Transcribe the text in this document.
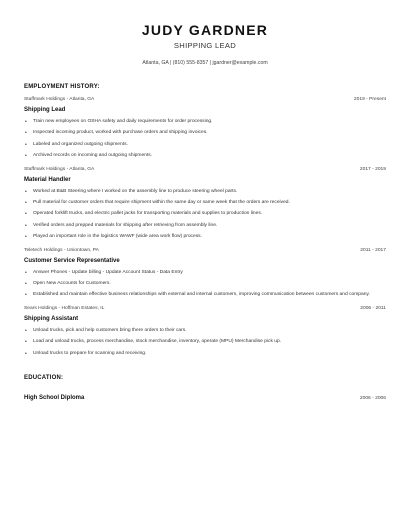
JUDY GARDNER
SHIPPING LEAD
Atlanta, GA | (810) 555-8357 | jgardner@example.com
EMPLOYMENT HISTORY:
Staffmark Holdings - Atlanta, GA	2019 - Present
Shipping Lead
• Train new employees on OSHA safety and daily requirements for order processing.
• Inspected incoming product, worked with purchase orders and shipping invoices.
• Labeled and organized outgoing shipments.
• Archived records on incoming and outgoing shipments.
Staffmark Holdings - Atlanta, GA	2017 - 2019
Material Handler
• Worked at B&B Steering where I worked on the assembly line to produce steering wheel parts.
• Pull material for customer orders that require shipment within the same day or same week that the orders are received.
• Operated forklift trucks, and electric pallet jacks for transporting materials and supplies to production lines.
• Verified orders and prepped materials for shipping after retrieving from assembly line.
• Played an important role in the logistics WAWF (wide area work flow) process.
Teletech Holdings - Uniontown, PA	2011 - 2017
Customer Service Representative
• Answer Phones - Update billing - Update Account Status - Data Entry
• Open New Accounts for Customers.
• Established and maintain effective business relationships with external and internal customers, improving communication between customers and company.
Sears Holdings - Hoffman Estates, IL	2006 - 2011
Shipping Assistant
• Unload trucks, pick and help customers bring there orders to their cars.
• Load and unload trucks, process merchandise, stock merchandise, inventory, operate (MPU) Merchandise pick up.
• Unload trucks to prepare for scanning and receiving.
EDUCATION:
High School Diploma	2006 - 2006
